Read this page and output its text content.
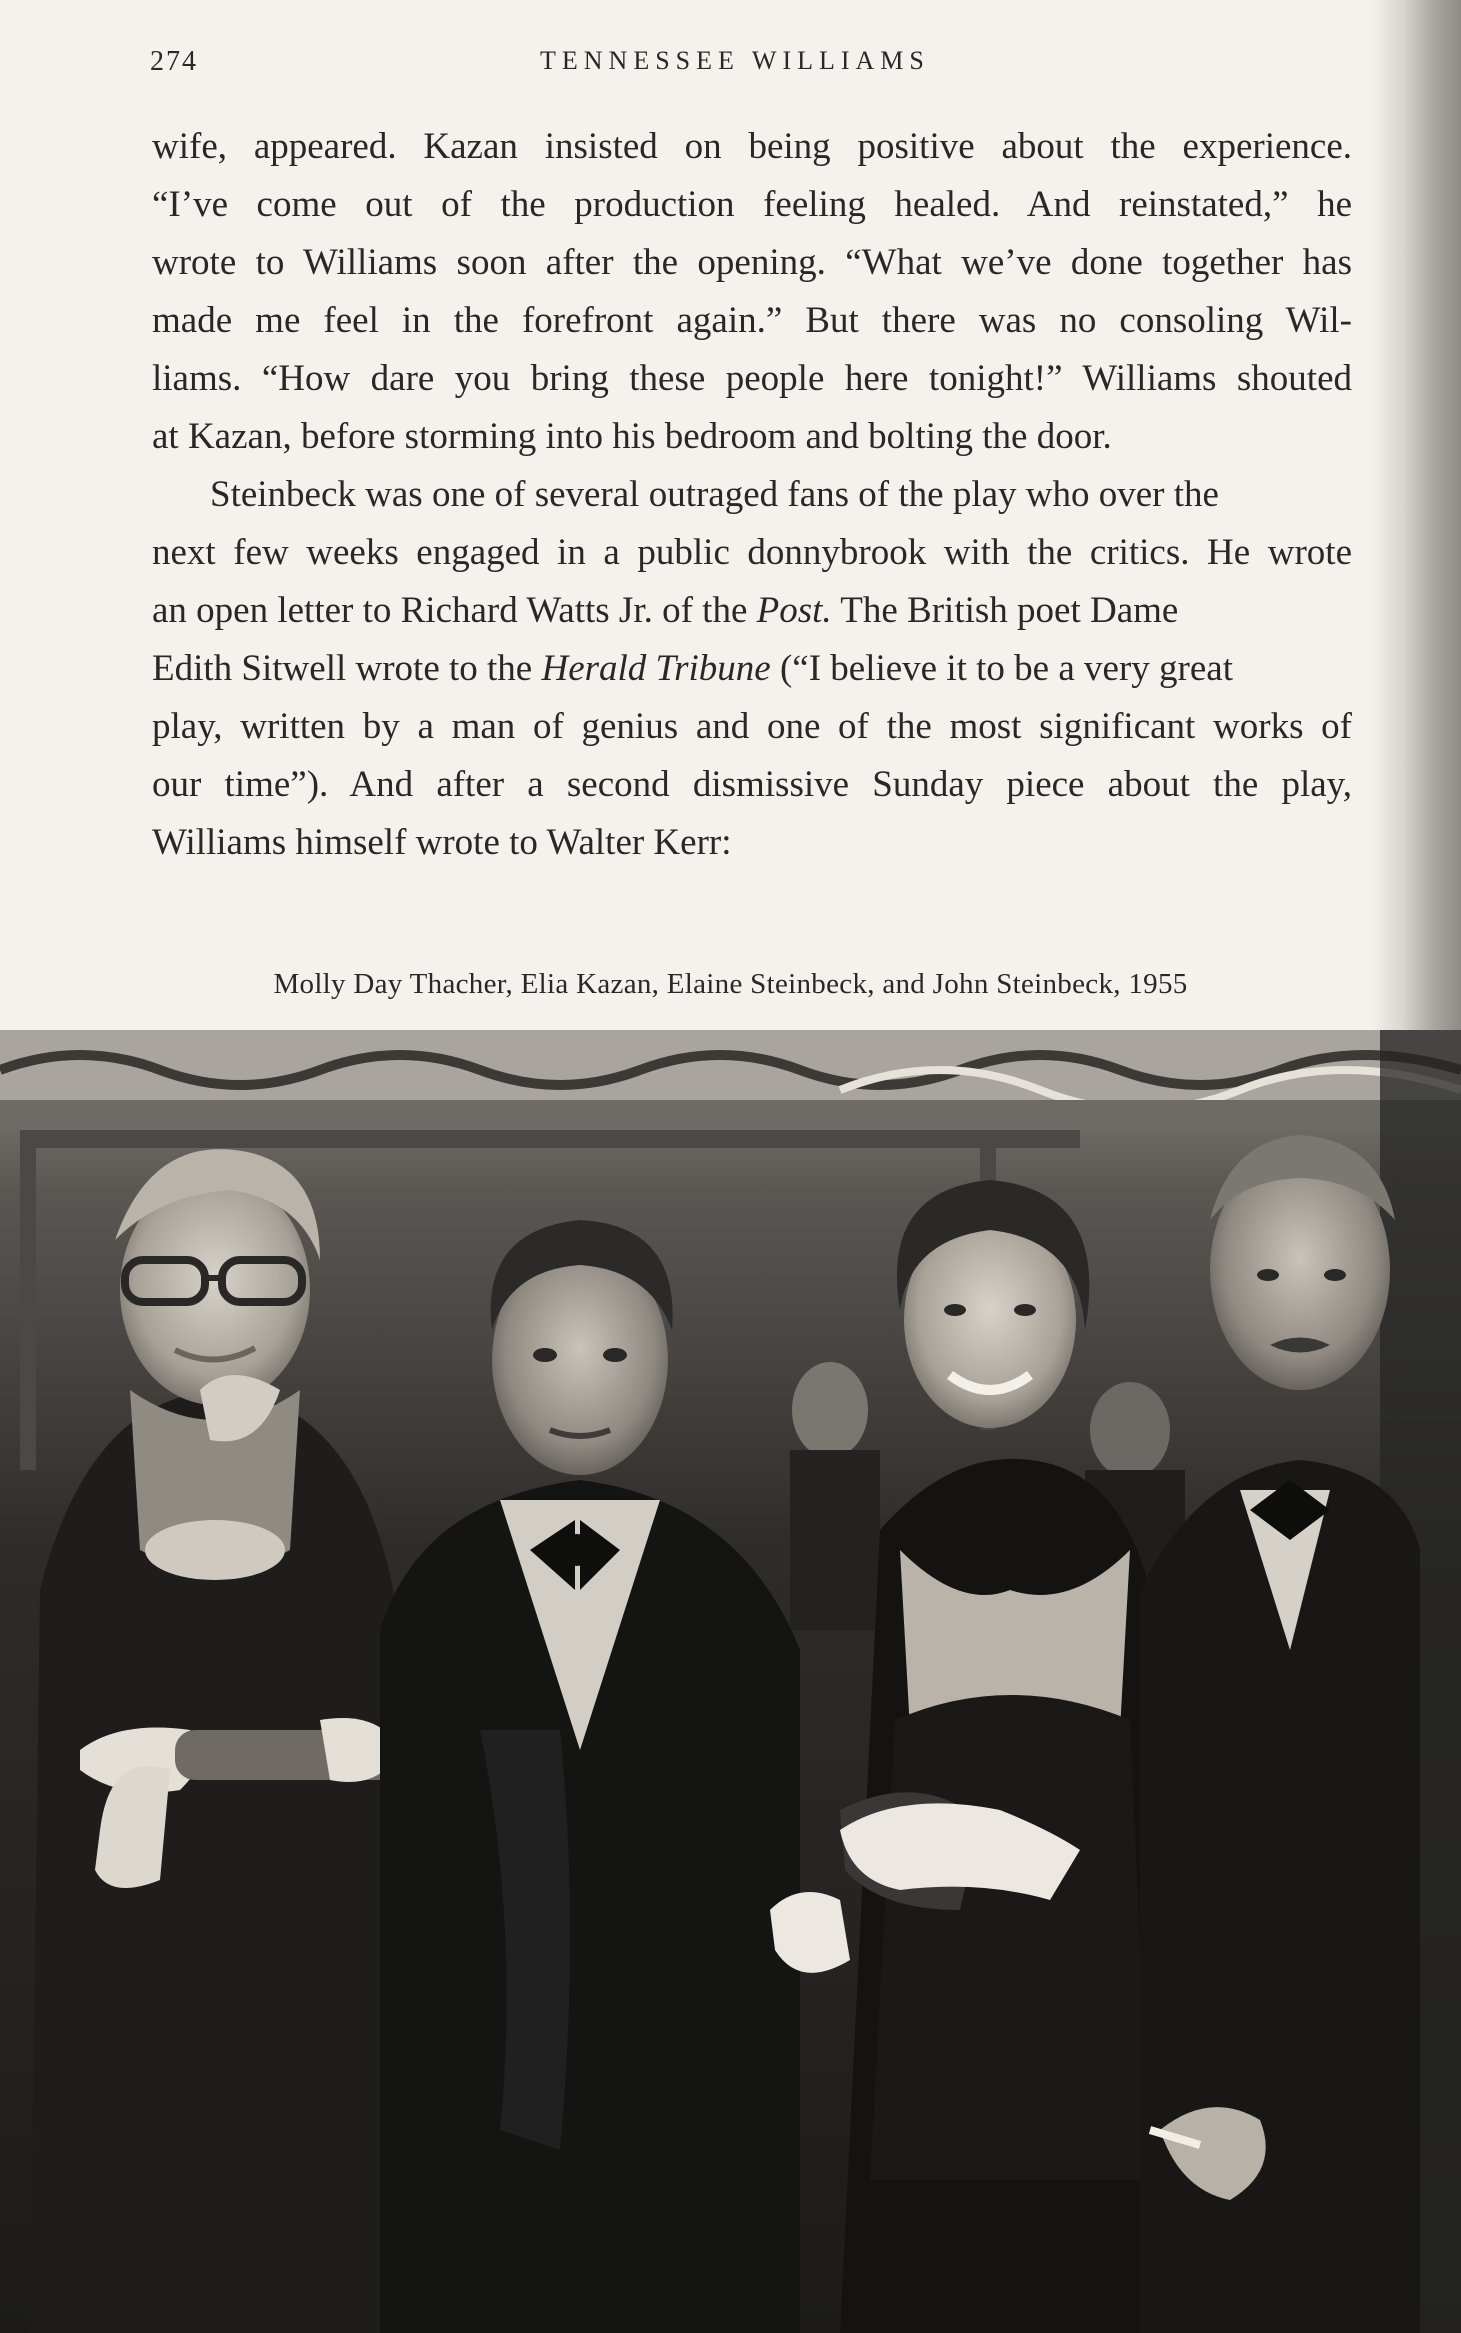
274	TENNESSEE WILLIAMS
wife, appeared. Kazan insisted on being positive about the experience.
“I’ve come out of the production feeling healed. And reinstated,” he
wrote to Williams soon after the opening. “What we’ve done together has
made me feel in the forefront again.” But there was no consoling Wil-
liams. “How dare you bring these people here tonight!” Williams shouted
at Kazan, before storming into his bedroom and bolting the door.
Steinbeck was one of several outraged fans of the play who over the
next few weeks engaged in a public donnybrook with the critics. He wrote
an open letter to Richard Watts Jr. of the Post. The British poet Dame
Edith Sitwell wrote to the Herald Tribune (“I believe it to be a very great
play, written by a man of genius and one of the most significant works of
our time”). And after a second dismissive Sunday piece about the play,
Williams himself wrote to Walter Kerr:
Molly Day Thacher, Elia Kazan, Elaine Steinbeck, and John Steinbeck, 1955
